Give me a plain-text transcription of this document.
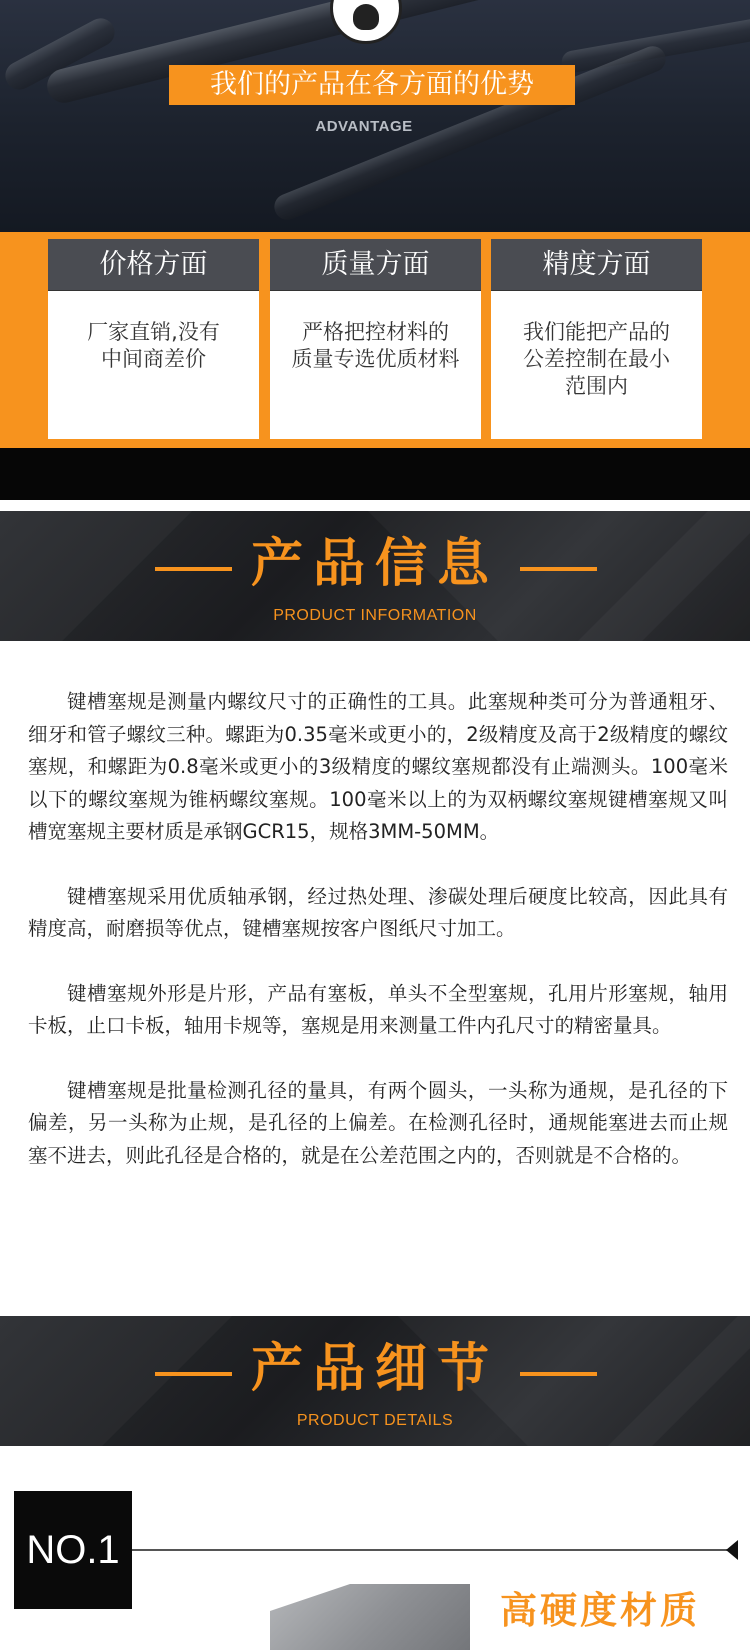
我们的产品在各方面的优势
ADVANTAGE
价格方面
厂家直销,没有
中间商差价
质量方面
严格把控材料的
质量专选优质材料
精度方面
我们能把产品的
公差控制在最小
范围内
产品信息
PRODUCT INFORMATION

键槽塞规是测量内螺纹尺寸的正确性的工具。此塞规种类可分为普通粗牙、细牙和管子螺纹三种。螺距为0.35毫米或更小的，2级精度及高于2级精度的螺纹塞规，和螺距为0.8毫米或更小的3级精度的螺纹塞规都没有止端测头。100毫米以下的螺纹塞规为锥柄螺纹塞规。100毫米以上的为双柄螺纹塞规键槽塞规又叫槽宽塞规主要材质是承钢GCR15，规格3MM-50MM。

键槽塞规采用优质轴承钢，经过热处理、渗碳处理后硬度比较高，因此具有精度高，耐磨损等优点，键槽塞规按客户图纸尺寸加工。

键槽塞规外形是片形，产品有塞板，单头不全型塞规，孔用片形塞规，轴用卡板，止口卡板，轴用卡规等，塞规是用来测量工件内孔尺寸的精密量具。

键槽塞规是批量检测孔径的量具，有两个圆头，一头称为通规，是孔径的下偏差，另一头称为止规，是孔径的上偏差。在检测孔径时，通规能塞进去而止规塞不进去，则此孔径是合格的，就是在公差范围之内的，否则就是不合格的。

产品细节
PRODUCT DETAILS
NO.1
高硬度材质
